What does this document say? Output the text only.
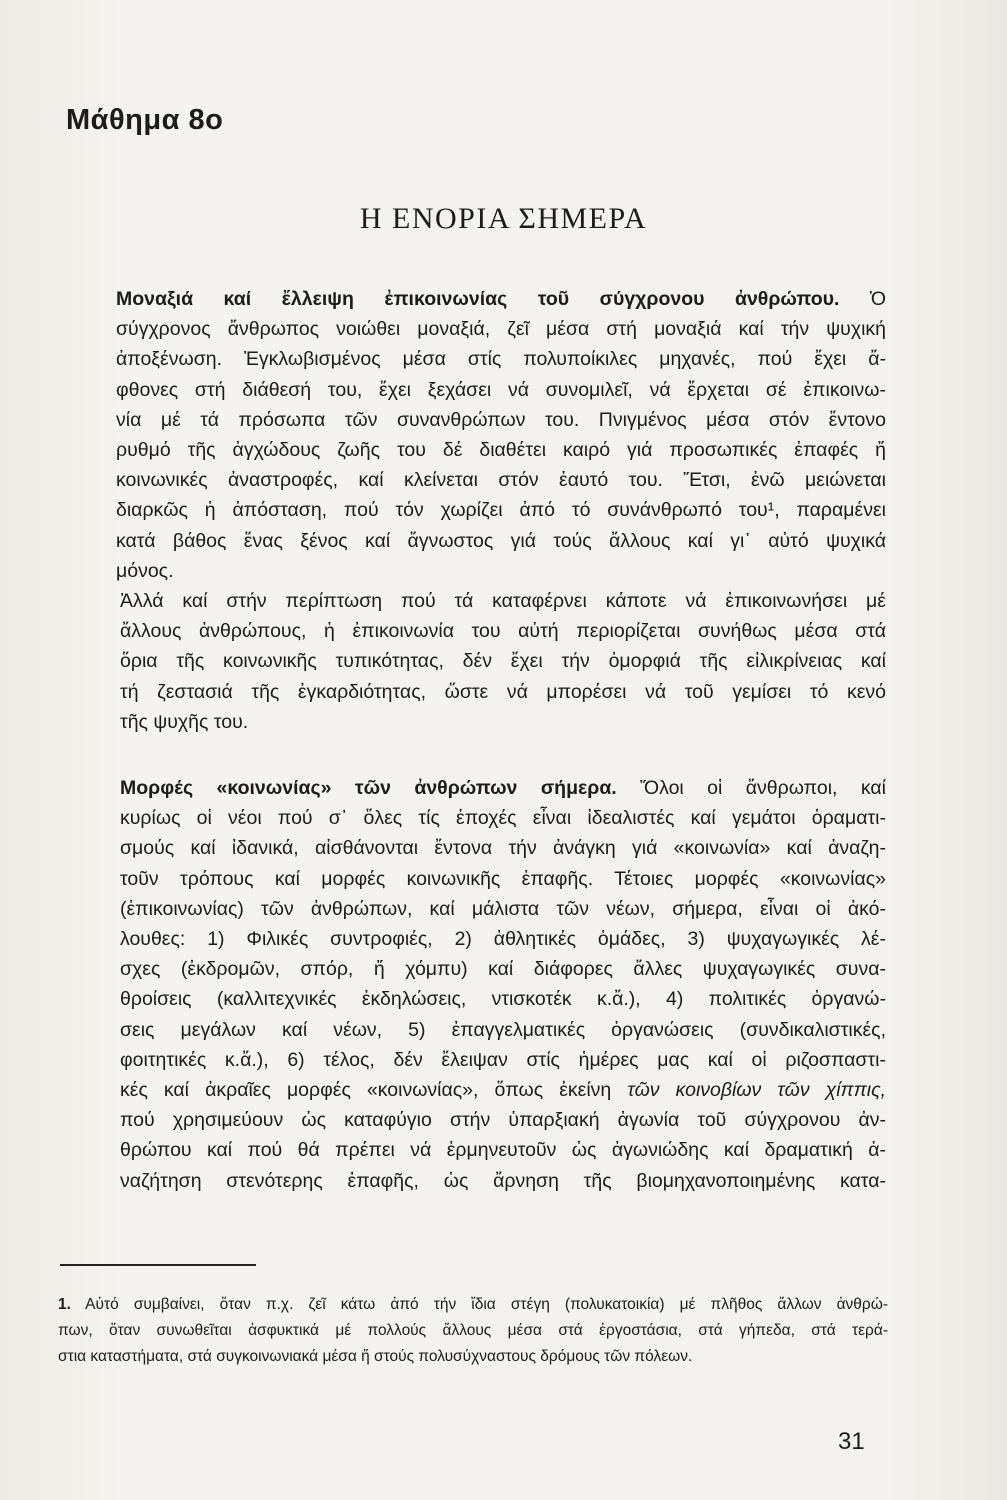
Μάθημα 8ο
Η ΕΝΟΡΙΑ ΣΗΜΕΡΑ
Μοναξιά καί ἔλλειψη ἐπικοινωνίας τοῦ σύγχρονου ἀνθρώπου. Ὁ
σύγχρονος ἄνθρωπος νοιώθει μοναξιά, ζεῖ μέσα στή μοναξιά καί τήν ψυχική
ἀποξένωση. Ἐγκλωβισμένος μέσα στίς πολυποίκιλες μηχανές, πού ἔχει ἄ-
φθονες στή διάθεσή του, ἔχει ξεχάσει νά συνομιλεῖ, νά ἔρχεται σέ ἐπικοινω-
νία μέ τά πρόσωπα τῶν συνανθρώπων του. Πνιγμένος μέσα στόν ἔντονο
ρυθμό τῆς ἀγχώδους ζωῆς του δέ διαθέτει καιρό γιά προσωπικές ἐπαφές ἤ
κοινωνικές ἀναστροφές, καί κλείνεται στόν ἑαυτό του. Ἔτσι, ἐνῶ μειώνεται
διαρκῶς ἡ ἀπόσταση, πού τόν χωρίζει ἀπό τό συνάνθρωπό του¹, παραμένει
κατά βάθος ἕνας ξένος καί ἄγνωστος γιά τούς ἄλλους καί γι᾿ αὐτό ψυχικά
μόνος.
Ἀλλά καί στήν περίπτωση πού τά καταφέρνει κάποτε νά ἐπικοινωνήσει μέ
ἄλλους ἀνθρώπους, ἡ ἐπικοινωνία του αὐτή περιορίζεται συνήθως μέσα στά
ὅρια τῆς κοινωνικῆς τυπικότητας, δέν ἔχει τήν ὀμορφιά τῆς εἰλικρίνειας καί
τή ζεστασιά τῆς ἐγκαρδιότητας, ὥστε νά μπορέσει νά τοῦ γεμίσει τό κενό
τῆς ψυχῆς του.
Μορφές «κοινωνίας» τῶν ἀνθρώπων σήμερα. Ὅλοι οἱ ἄνθρωποι, καί
κυρίως οἱ νέοι πού σ᾿ ὅλες τίς ἐποχές εἶναι ἰδεαλιστές καί γεμάτοι ὁραματι-
σμούς καί ἰδανικά, αἰσθάνονται ἔντονα τήν ἀνάγκη γιά «κοινωνία» καί ἀναζη-
τοῦν τρόπους καί μορφές κοινωνικῆς ἐπαφῆς. Τέτοιες μορφές «κοινωνίας»
(ἐπικοινωνίας) τῶν ἀνθρώπων, καί μάλιστα τῶν νέων, σήμερα, εἶναι οἱ ἀκό-
λουθες: 1) Φιλικές συντροφιές, 2) ἀθλητικές ὁμάδες, 3) ψυχαγωγικές λέ-
σχες (ἐκδρομῶν, σπόρ, ἤ χόμπυ) καί διάφορες ἄλλες ψυχαγωγικές συνα-
θροίσεις (καλλιτεχνικές ἐκδηλώσεις, ντισκοτέκ κ.ἄ.), 4) πολιτικές ὀργανώ-
σεις μεγάλων καί νέων, 5) ἐπαγγελματικές ὀργανώσεις (συνδικαλιστικές,
φοιτητικές κ.ἄ.), 6) τέλος, δέν ἔλειψαν στίς ἡμέρες μας καί οἱ ριζοσπαστι-
κές καί ἀκραῖες μορφές «κοινωνίας», ὅπως ἐκείνη τῶν κοινοβίων τῶν χίππις,
πού χρησιμεύουν ὡς καταφύγιο στήν ὑπαρξιακή ἀγωνία τοῦ σύγχρονου ἀν-
θρώπου καί πού θά πρέπει νά ἑρμηνευτοῦν ὡς ἀγωνιώδης καί δραματική ἀ-
ναζήτηση στενότερης ἐπαφῆς, ὡς ἄρνηση τῆς βιομηχανοποιημένης κατα-
1. Αὐτό συμβαίνει, ὅταν π.χ. ζεῖ κάτω ἀπό τήν ἴδια στέγη (πολυκατοικία) μέ πλῆθος ἄλλων ἀνθρώ-
πων, ὅταν συνωθεῖται ἀσφυκτικά μέ πολλούς ἄλλους μέσα στά ἐργοστάσια, στά γήπεδα, στά τερά-
στια καταστήματα, στά συγκοινωνιακά μέσα ἤ στούς πολυσύχναστους δρόμους τῶν πόλεων.
31
